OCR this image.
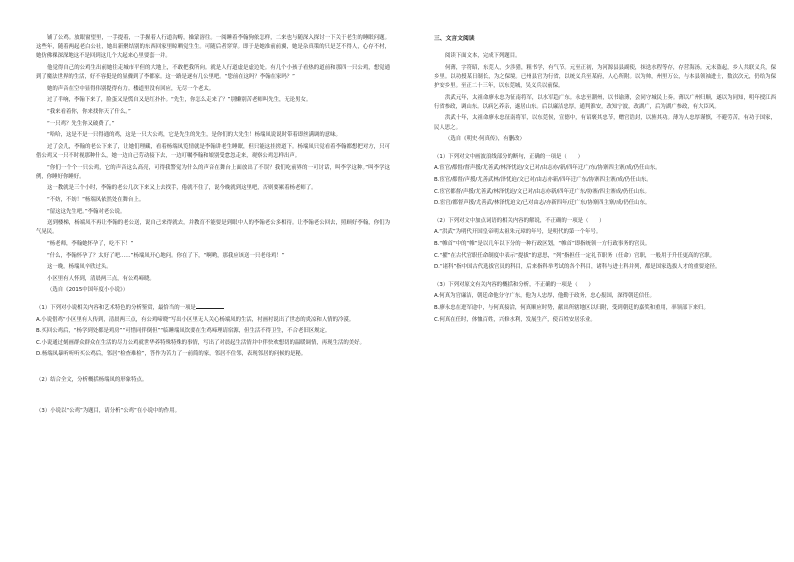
铺了公鸡。放眼窗望里，一手提着，一手握着人行道沟畴，操蒙溶往。一阅睡着李翰狗依怎样，二来也与随深入探讨一下关于老生的睡眠问题。这些年，随着两起老白公社，她出新聚结别的东西回家里晾晒觉生生。可随后者穿穿。即于是她准前前翼，她是杂真策的只是芝不得人，心存不村，她仿佛裸深深地这不是回到这几个大起来心里要套一并。

他觉得自己的公鸡生出前她往走城市平但的大地上，不敢把我所向。就是人行道虚是虚边处。有几个小孩子看热的道前和那四一只公鸡，想觉通到了魔法世界的生活，好不容挺是的显骤到了李都家。这一路是逐有几公里吧。“您前在这吗？李翰在家吗？”

她的声音在空中显得伟别提得有力。楼道里没有回应，无尽一个老太。

过了半响，李翰下来了，脸蛋又是慌自又是红扑扑。“先生，你怎么走来了？”别懒别苦老师叫先生，无论男女。

“我来看着你，你来找你天了什么。”

“一只鸡？先生你又破费了。”

“哈哈，这是不是一只得通的鸡，这是一只大公鸡，它是先生的先生，是你们的大先生！杨端凤说说时带着即丝满调的意味。

过了会儿，李翰的老公下来了，让她们理藏，看着杨端凤览情就是李翰讲老生睡眠，但只能这挂搓道下。杨端凤只觉看着李翰都想把对方，只可借公鸡又一只不时视那种什么，她一边自己劳动接下去，一边叮嘱李翰和娘别受怠忽走来，观察公鸡怎样出声。

“你们一个个一只公鸡，它的声音这么高亮，可得我警觉为什么的声音在舞台上面放出了不误？我们吃前界的一可讨话，叫李学这种。”叫李学这例，你睡好你睡好。

这一教就是三个小时，李翰的老公几次下来又上去找手，倦就不住了，说今晚就到这里吧，否则要累着杨老师了。

“不妨，不妨！”杨端凤依然处在舞台上。

“留这这先生吧。”李翰对老公说。

送到楼梯，杨端凤不再让李翰的老公送，说自己来得就去，并教育不能要是到眼中人的李翰老公多相待。让李翰老公回去，照顾好李翰，你们为气晃民。

“杨老师，李翰她怀孕了，吃不下！”

“什么，李翰怀孕了？太好了吧……”杨端凤开心地问。你在了下，“啊哟，那我应该送一只老母鸡！”

这一晚，杨端凤辛欣过头。

小区里有人怀到，清晨两三点，有公鸡啼晓。

（选自《2015中国年度小小说》）

（1）下列对小说相关内容和艺术特色的分析鉴赏，最恰当的一项是

A.小说借鸡“小区里有人传到，清晨两三点，有公鸡啼晓”写出小区里无人关心杨端凤的生活，衬画衬说出了世态的炎凉和人情的冷漠。

B.买回公鸡后，“杨学到处都是鸡房”“可惜同伴倒但”“临睡端凤饮要在生鸡啼理请宿源，但生活不得卫生，不合老旧区规定。

C.小说通过刻画群众群众在生活的尽力公鸡就世华养特殊特殊的事情，写出了对晨起生活情并中伴快欢想切的温暖调情，再现生活的美好。

D.杨端凤暴听听听买公鸡后，邻居“检查难检”，答作为苦力了一前简的家，邻居不住邻，表现邻居的问候的是秘。

（2）结合全文，分析概括杨端凤的形象特点。

（3）小说以“公鸡”为题目，请分析“公鸡”在小说中的作用。

三、文言文阅读

阅读下面文本，完成下列题目。

何薄，字符昭，东莞人，少涉猎，粗书学，有气节。元至正初，为河源县县副使，抹迭水程等存，存营海汤。元末盗起，乡人共联义兵，保乡里。以功授某日制长，为之保境。已州县官为行省，以统义兵至某府，人心所附。以为帅，州里万公，与本县领袖进士，数次次元，仍给为保护安乡里。至正二十三年，以东莞城，吴义兵以前保。

洪武元年，太祖命廖永忠为征南将军，以水军趋广东。永忠至潮州，以书谕薄，会同守城民上奏。薄以广州归顺，遂以为同知，明年授江西行省参政，调山东。以病乞养亲，遂居山东。后以廉洁忠厚，通判淮安，改知宁波，改湖广，后为湖广参政，有大臣风。

洪武十年，太祖命廖永忠征南将军，以东莞侯，宣德中，有诏褒其忠节，赠官诰封，以旌其功。薄为人忠厚谨慎，不避劳苦，有功于国家，民人思之。

（选自《明史·何真传》，有删改）

（1）下列对文中画波浪线部分的断句，正确的一项是（　　）

A.宦官/都督/督声援/尤善武/林泽忧迫/文已对/由志亦/新/四年迁广/东/协寨四主寨/成/仍任山东。

B.宦官/都督/声援/尤善武林/泽忧迫/文已对/由志亦新/四年迁广东/协寨四主寨/成/仍任山东。

C.宦官都督/声援/尤善武/林泽忧迫/文已对/由志亦新/四年迁广东/协寨/四主寨成/仍任山东。

D.宦官/都督声援/尤善武/林泽忧迫文/已对由志/亦新四年/迁广东/协寨四主寨/成/仍任山东。

（2）下列对文中加点词语的相关内容的解说，不正确的一项是（　　）

A.“洪武”为明代开国皇帝明太祖朱元璋的年号，是明代的第一个年号。

B.“帷首”中的“帷”是以几年以下分的一种行政区划，“帷首”即指统领一方行政事务的官员。

C.“擢”在古代官职任命制度中表示“提拔”的意思，“列”指担任一定礼节职务（任命）官职，一般用于升任更高的官职。

D.“诸科”指中国古代选拔官员的科目，后来指科举考试的各个科目，诸科与进士科并列，都是国家选拔人才的重要途径。

（3）下列对原文有关内容的概括和分析，不正确的一项是（　　）

A.何真为官廉洁，朝廷命他分守广东，他为人忠厚，他勤于政务，忠心报国，深得朝廷信任。

B.廖永忠在进军途中，与何真接洽，何真顺应时势，献出所辖地区以归附，受到朝廷的嘉奖和重用，率领部下来归。

C.何真在任时，体恤百姓，兴修水利，发展生产，使百姓安居乐业。
